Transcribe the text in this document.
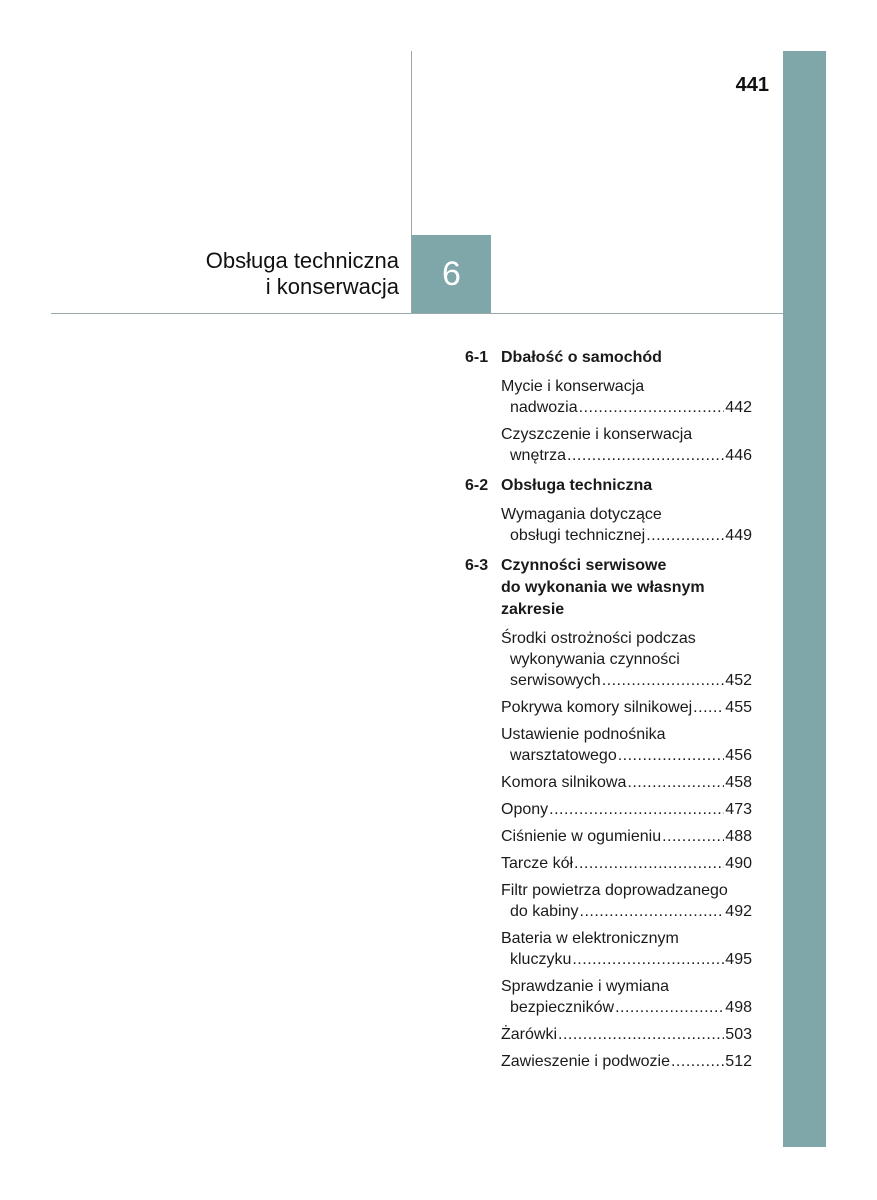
441
Obsługa techniczna
i konserwacja 6
6-1 Dbałość o samochód
Mycie i konserwacja
nadwozia .....	442
Czyszczenie i konserwacja
wnętrza .....	446
6-2 Obsługa techniczna
Wymagania dotyczące
obsługi technicznej .....	449
6-3 Czynności serwisowe
do wykonania we własnym
zakresie
Środki ostrożności podczas
wykonywania czynności
serwisowych .....	452
Pokrywa komory silnikowej ..... 455
Ustawienie podnośnika
warsztatowego .....	456
Komora silnikowa .....	458
Opony .....	473
Ciśnienie w ogumieniu .....	488
Tarcze kół .....	490
Filtr powietrza doprowadzanego
do kabiny .....	492
Bateria w elektronicznym
kluczyku .....	495
Sprawdzanie i wymiana
bezpieczników .....	498
Żarówki .....	503
Zawieszenie i podwozie .....	512
